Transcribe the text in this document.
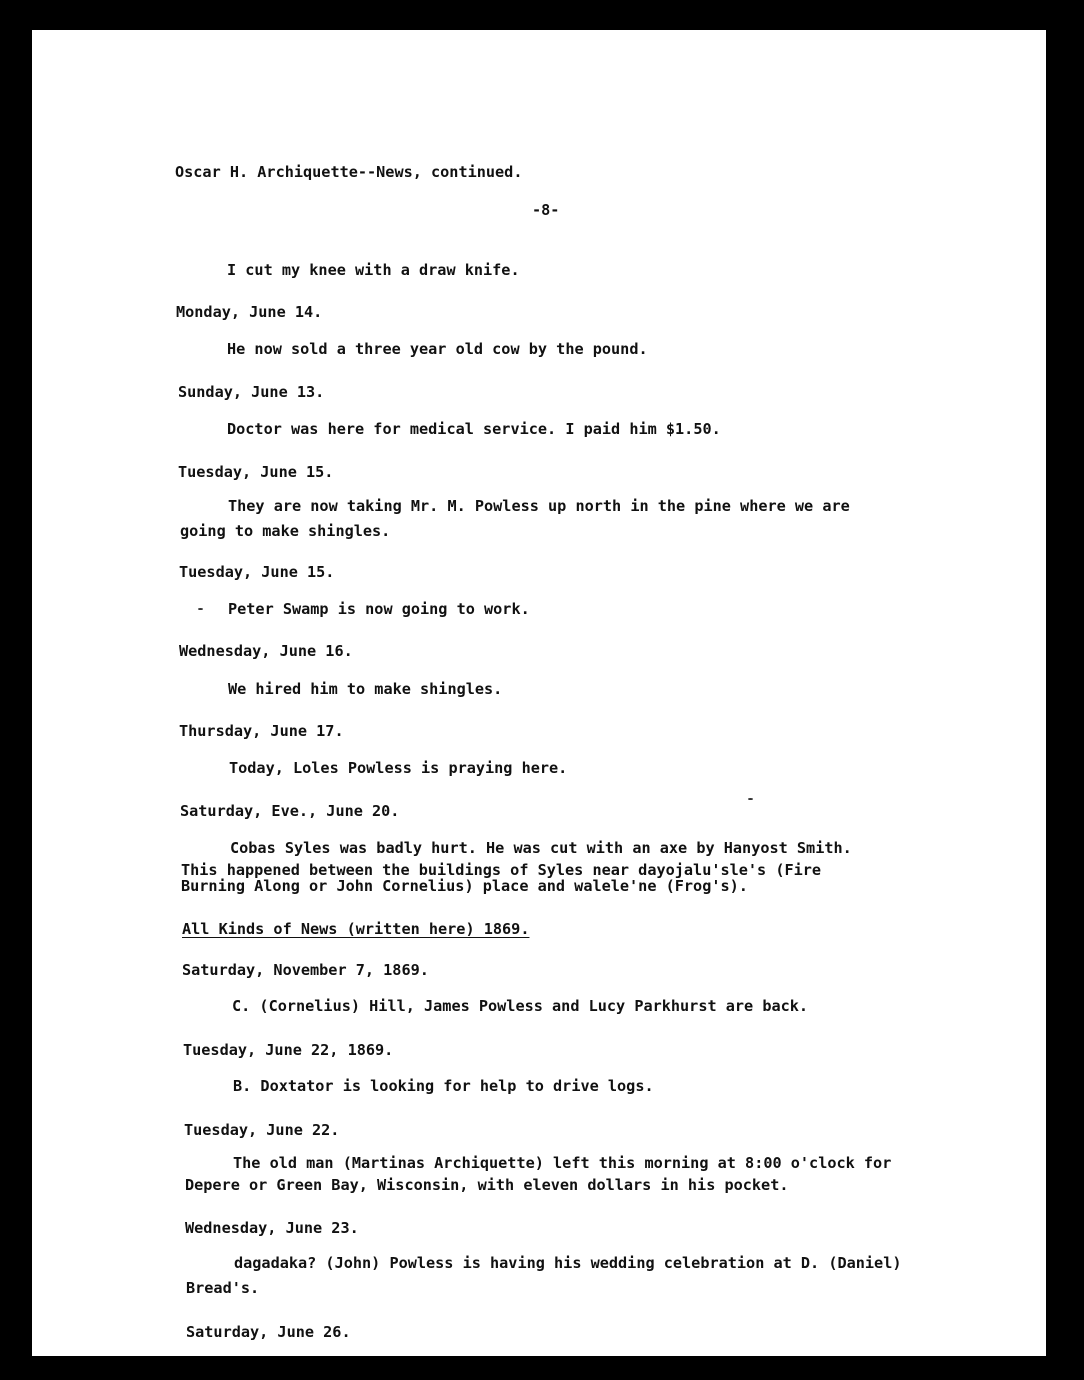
Oscar H. Archiquette--News, continued.
-8-
I cut my knee with a draw knife.
Monday, June 14.
He now sold a three year old cow by the pound.
Sunday, June 13.
Doctor was here for medical service. I paid him $1.50.
Tuesday, June 15.
They are now taking Mr. M. Powless up north in the pine where we are
going to make shingles.
Tuesday, June 15.
Peter Swamp is now going to work.
Wednesday, June 16.
We hired him to make shingles.
Thursday, June 17.
Today, Loles Powless is praying here.
Saturday, Eve., June 20.
Cobas Syles was badly hurt. He was cut with an axe by Hanyost Smith.
This happened between the buildings of Syles near dayojalu'sle's (Fire
Burning Along or John Cornelius) place and walele'ne (Frog's).
All Kinds of News (written here) 1869.
Saturday, November 7, 1869.
C. (Cornelius) Hill, James Powless and Lucy Parkhurst are back.
Tuesday, June 22, 1869.
B. Doxtator is looking for help to drive logs.
Tuesday, June 22.
The old man (Martinas Archiquette) left this morning at 8:00 o'clock for
Depere or Green Bay, Wisconsin, with eleven dollars in his pocket.
Wednesday, June 23.
dagadaka? (John) Powless is having his wedding celebration at D. (Daniel)
Bread's.
Saturday, June 26.
